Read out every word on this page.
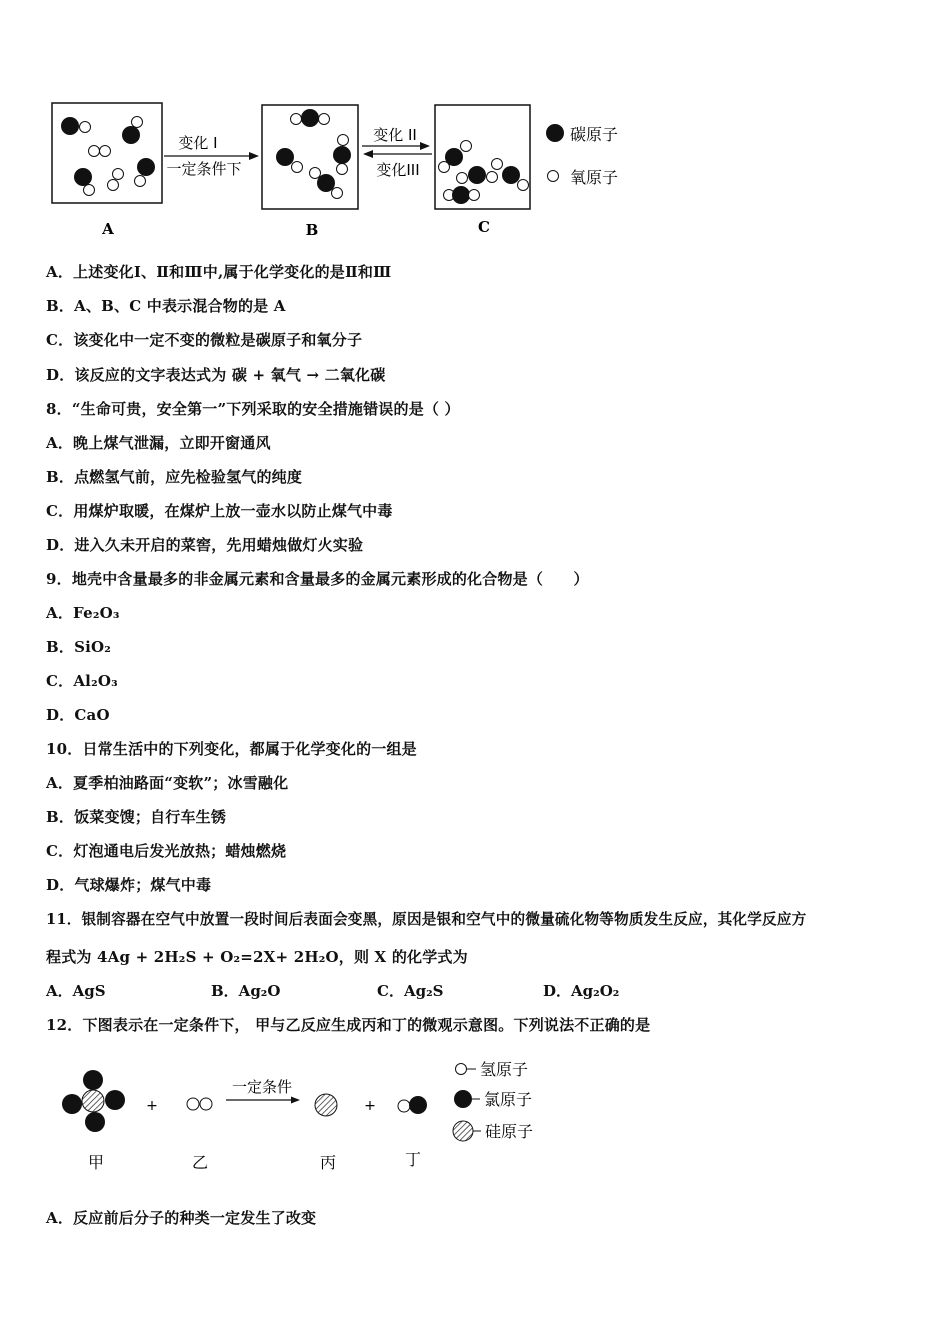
A
变化 I
一定条件下
B
变化 II
变化III
C
碳原子
氧原子
A．上述变化Ⅰ、Ⅱ和Ⅲ中,属于化学变化的是Ⅱ和Ⅲ
B．A、B、C 中表示混合物的是 A
C．该变化中一定不变的微粒是碳原子和氧分子
D．该反应的文字表达式为 碳 + 氧气 → 二氧化碳
8．“生命可贵，安全第一”下列采取的安全措施错误的是（ ）
A．晚上煤气泄漏，立即开窗通风
B．点燃氢气前，应先检验氢气的纯度
C．用煤炉取暖，在煤炉上放一壶水以防止煤气中毒
D．进入久未开启的菜窖，先用蜡烛做灯火实验
9．地壳中含量最多的非金属元素和含量最多的金属元素形成的化合物是（　　）
A．Fe₂O₃
B．SiO₂
C．Al₂O₃
D．CaO
10．日常生活中的下列变化，都属于化学变化的一组是
A．夏季柏油路面“变软”；冰雪融化
B．饭菜变馊；自行车生锈
C．灯泡通电后发光放热；蜡烛燃烧
D．气球爆炸；煤气中毒
11．银制容器在空气中放置一段时间后表面会变黑，原因是银和空气中的微量硫化物等物质发生反应，其化学反应方
程式为 4Ag + 2H₂S + O₂=2X+ 2H₂O，则 X 的化学式为
A．AgS	B．Ag₂O	C．Ag₂S	D．Ag₂O₂
12．下图表示在一定条件下， 甲与乙反应生成丙和丁的微观示意图。下列说法不正确的是
+
一定条件
+
甲	乙	丙	丁
氢原子
氯原子
硅原子
A．反应前后分子的种类一定发生了改变
